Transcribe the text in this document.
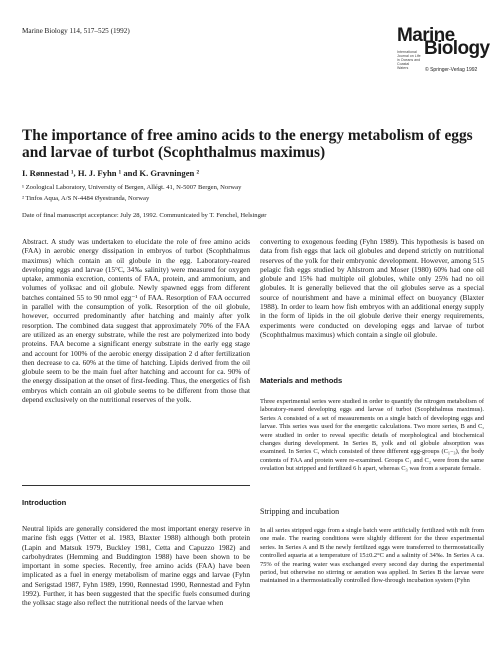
Marine Biology 114, 517–525 (1992)	Marine
Biology
International Journal on Life in Oceans and Coastal Waters	© Springer-Verlag 1992
The importance of free amino acids to the energy metabolism of eggs and larvae of turbot (Scophthalmus maximus)
I. Rønnestad ¹, H. J. Fyhn ¹ and K. Gravningen ²
¹ Zoological Laboratory, University of Bergen, Allégt. 41, N-5007 Bergen, Norway
² Tinfos Aqua, A/S N-4484 Øyestranda, Norway
Date of final manuscript acceptance: July 28, 1992. Communicated by T. Fenchel, Helsingør
Abstract. A study was undertaken to elucidate the role of free amino acids (FAA) in aerobic energy dissipation in embryos of turbot (Scophthalmus maximus) which contain an oil globule in the egg. Laboratory-reared developing eggs and larvae (15°C, 34‰ salinity) were measured for oxygen uptake, ammonia excretion, contents of FAA, protein, and ammonium, and volumes of yolksac and oil globule. Newly spawned eggs from different batches contained 55 to 90 nmol egg⁻¹ of FAA. Resorption of FAA occurred in parallel with the consumption of yolk. Resorption of the oil globule, however, occurred predominantly after hatching and mainly after yolk resorption. The combined data suggest that approximately 70% of the FAA are utilized as an energy substrate, while the rest are polymerized into body proteins. FAA become a significant energy substrate in the early egg stage and account for 100% of the aerobic energy dissipation 2 d after fertilization then decrease to ca. 60% at the time of hatching. Lipids derived from the oil globule seem to be the main fuel after hatching and account for ca. 90% of the energy dissipation at the onset of first-feeding. Thus, the energetics of fish embryos which contain an oil globule seems to be different from those that depend exclusively on the nutritional reserves of the yolk.
Introduction
Neutral lipids are generally considered the most important energy reserve in marine fish eggs (Vetter et al. 1983, Blaxter 1988) although both protein (Lapin and Matsuk 1979, Buckley 1981, Cetta and Capuzzo 1982) and carbohydrates (Hemming and Buddington 1988) have been shown to be important in some species. Recently, free amino acids (FAA) have been implicated as a fuel in energy metabolism of marine eggs and larvae (Fyhn and Serigstad 1987, Fyhn 1989, 1990, Rønnestad 1990, Rønnestad and Fyhn 1992). Further, it has been suggested that the specific fuels consumed during the yolksac stage also reflect the nutritional needs of the larvae when
converting to exogenous feeding (Fyhn 1989). This hypothesis is based on data from fish eggs that lack oil globules and depend strictly on nutritional reserves of the yolk for their embryonic development. However, among 515 pelagic fish eggs studied by Ahlstrom and Moser (1980) 60% had one oil globule and 15% had multiple oil globules, while only 25% had no oil globules. It is generally believed that the oil globules serve as a special source of nourishment and have a minimal effect on buoyancy (Blaxter 1988). In order to learn how fish embryos with an additional energy supply in the form of lipids in the oil globule derive their energy requirements, experiments were conducted on developing eggs and larvae of turbot (Scophthalmus maximus) which contain a single oil globule.
Materials and methods
Three experimental series were studied in order to quantify the nitrogen metabolism of laboratory-reared developing eggs and larvae of turbot (Scophthalmus maximus). Series A consisted of a set of measurements on a single batch of developing eggs and larvae. This series was used for the energetic calculations. Two more series, B and C, were studied in order to reveal specific details of morphological and biochemical changes during development. In Series B, yolk and oil globule absorption was examined. In Series C, which consisted of three different egg-groups (C₁₋₃), the body contents of FAA and protein were re-examined. Groups C₁ and C₂ were from the same ovulation but stripped and fertilized 6 h apart, whereas C₃ was from a separate female.
Stripping and incubation
In all series stripped eggs from a single batch were artificially fertilized with milt from one male. The rearing conditions were slightly different for the three experimental series. In Series A and B the newly fertilized eggs were transferred to thermostatically controlled aquaria at a temperature of 15±0.2°C and a salinity of 34‰. In Series A ca. 75% of the rearing water was exchanged every second day during the experimental period, but otherwise no stirring or aeration was applied. In Series B the larvae were maintained in a thermostatically controlled flow-through incubation system (Fyhn
